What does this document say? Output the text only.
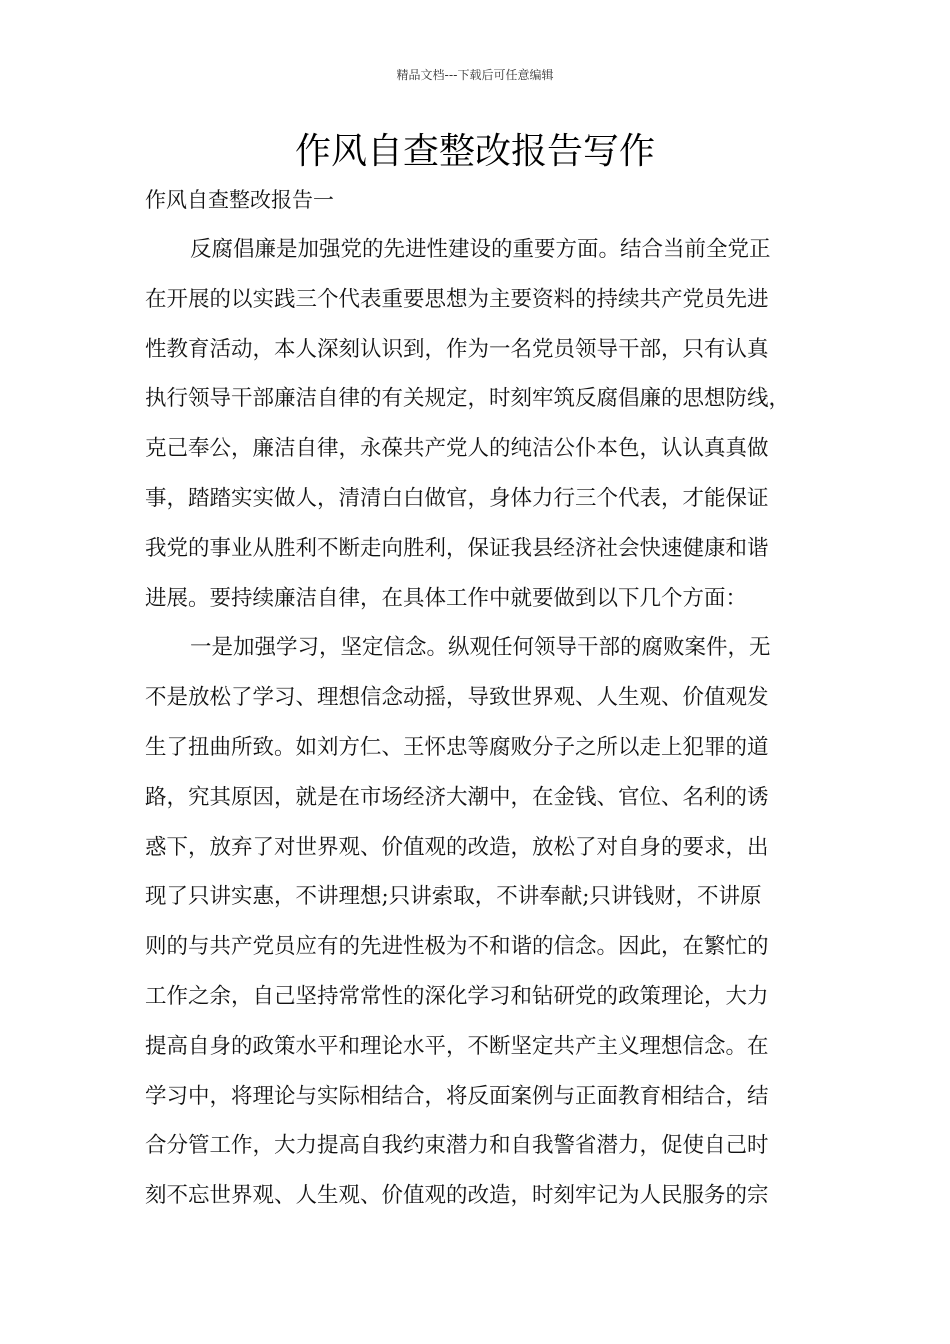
精品文档---下载后可任意编辑
作风自查整改报告写作
作风自查整改报告一
反腐倡廉是加强党的先进性建设的重要方面。结合当前全党正
在开展的以实践三个代表重要思想为主要资料的持续共产党员先进
性教育活动，本人深刻认识到，作为一名党员领导干部，只有认真
执行领导干部廉洁自律的有关规定，时刻牢筑反腐倡廉的思想防线，
克己奉公，廉洁自律，永葆共产党人的纯洁公仆本色，认认真真做
事，踏踏实实做人，清清白白做官，身体力行三个代表，才能保证
我党的事业从胜利不断走向胜利，保证我县经济社会快速健康和谐
进展。要持续廉洁自律，在具体工作中就要做到以下几个方面：
一是加强学习，坚定信念。纵观任何领导干部的腐败案件，无
不是放松了学习、理想信念动摇，导致世界观、人生观、价值观发
生了扭曲所致。如刘方仁、王怀忠等腐败分子之所以走上犯罪的道
路，究其原因，就是在市场经济大潮中，在金钱、官位、名利的诱
惑下，放弃了对世界观、价值观的改造，放松了对自身的要求，出
现了只讲实惠，不讲理想;只讲索取，不讲奉献;只讲钱财，不讲原
则的与共产党员应有的先进性极为不和谐的信念。因此，在繁忙的
工作之余，自己坚持常常性的深化学习和钻研党的政策理论，大力
提高自身的政策水平和理论水平，不断坚定共产主义理想信念。在
学习中，将理论与实际相结合，将反面案例与正面教育相结合，结
合分管工作，大力提高自我约束潜力和自我警省潜力，促使自己时
刻不忘世界观、人生观、价值观的改造，时刻牢记为人民服务的宗
